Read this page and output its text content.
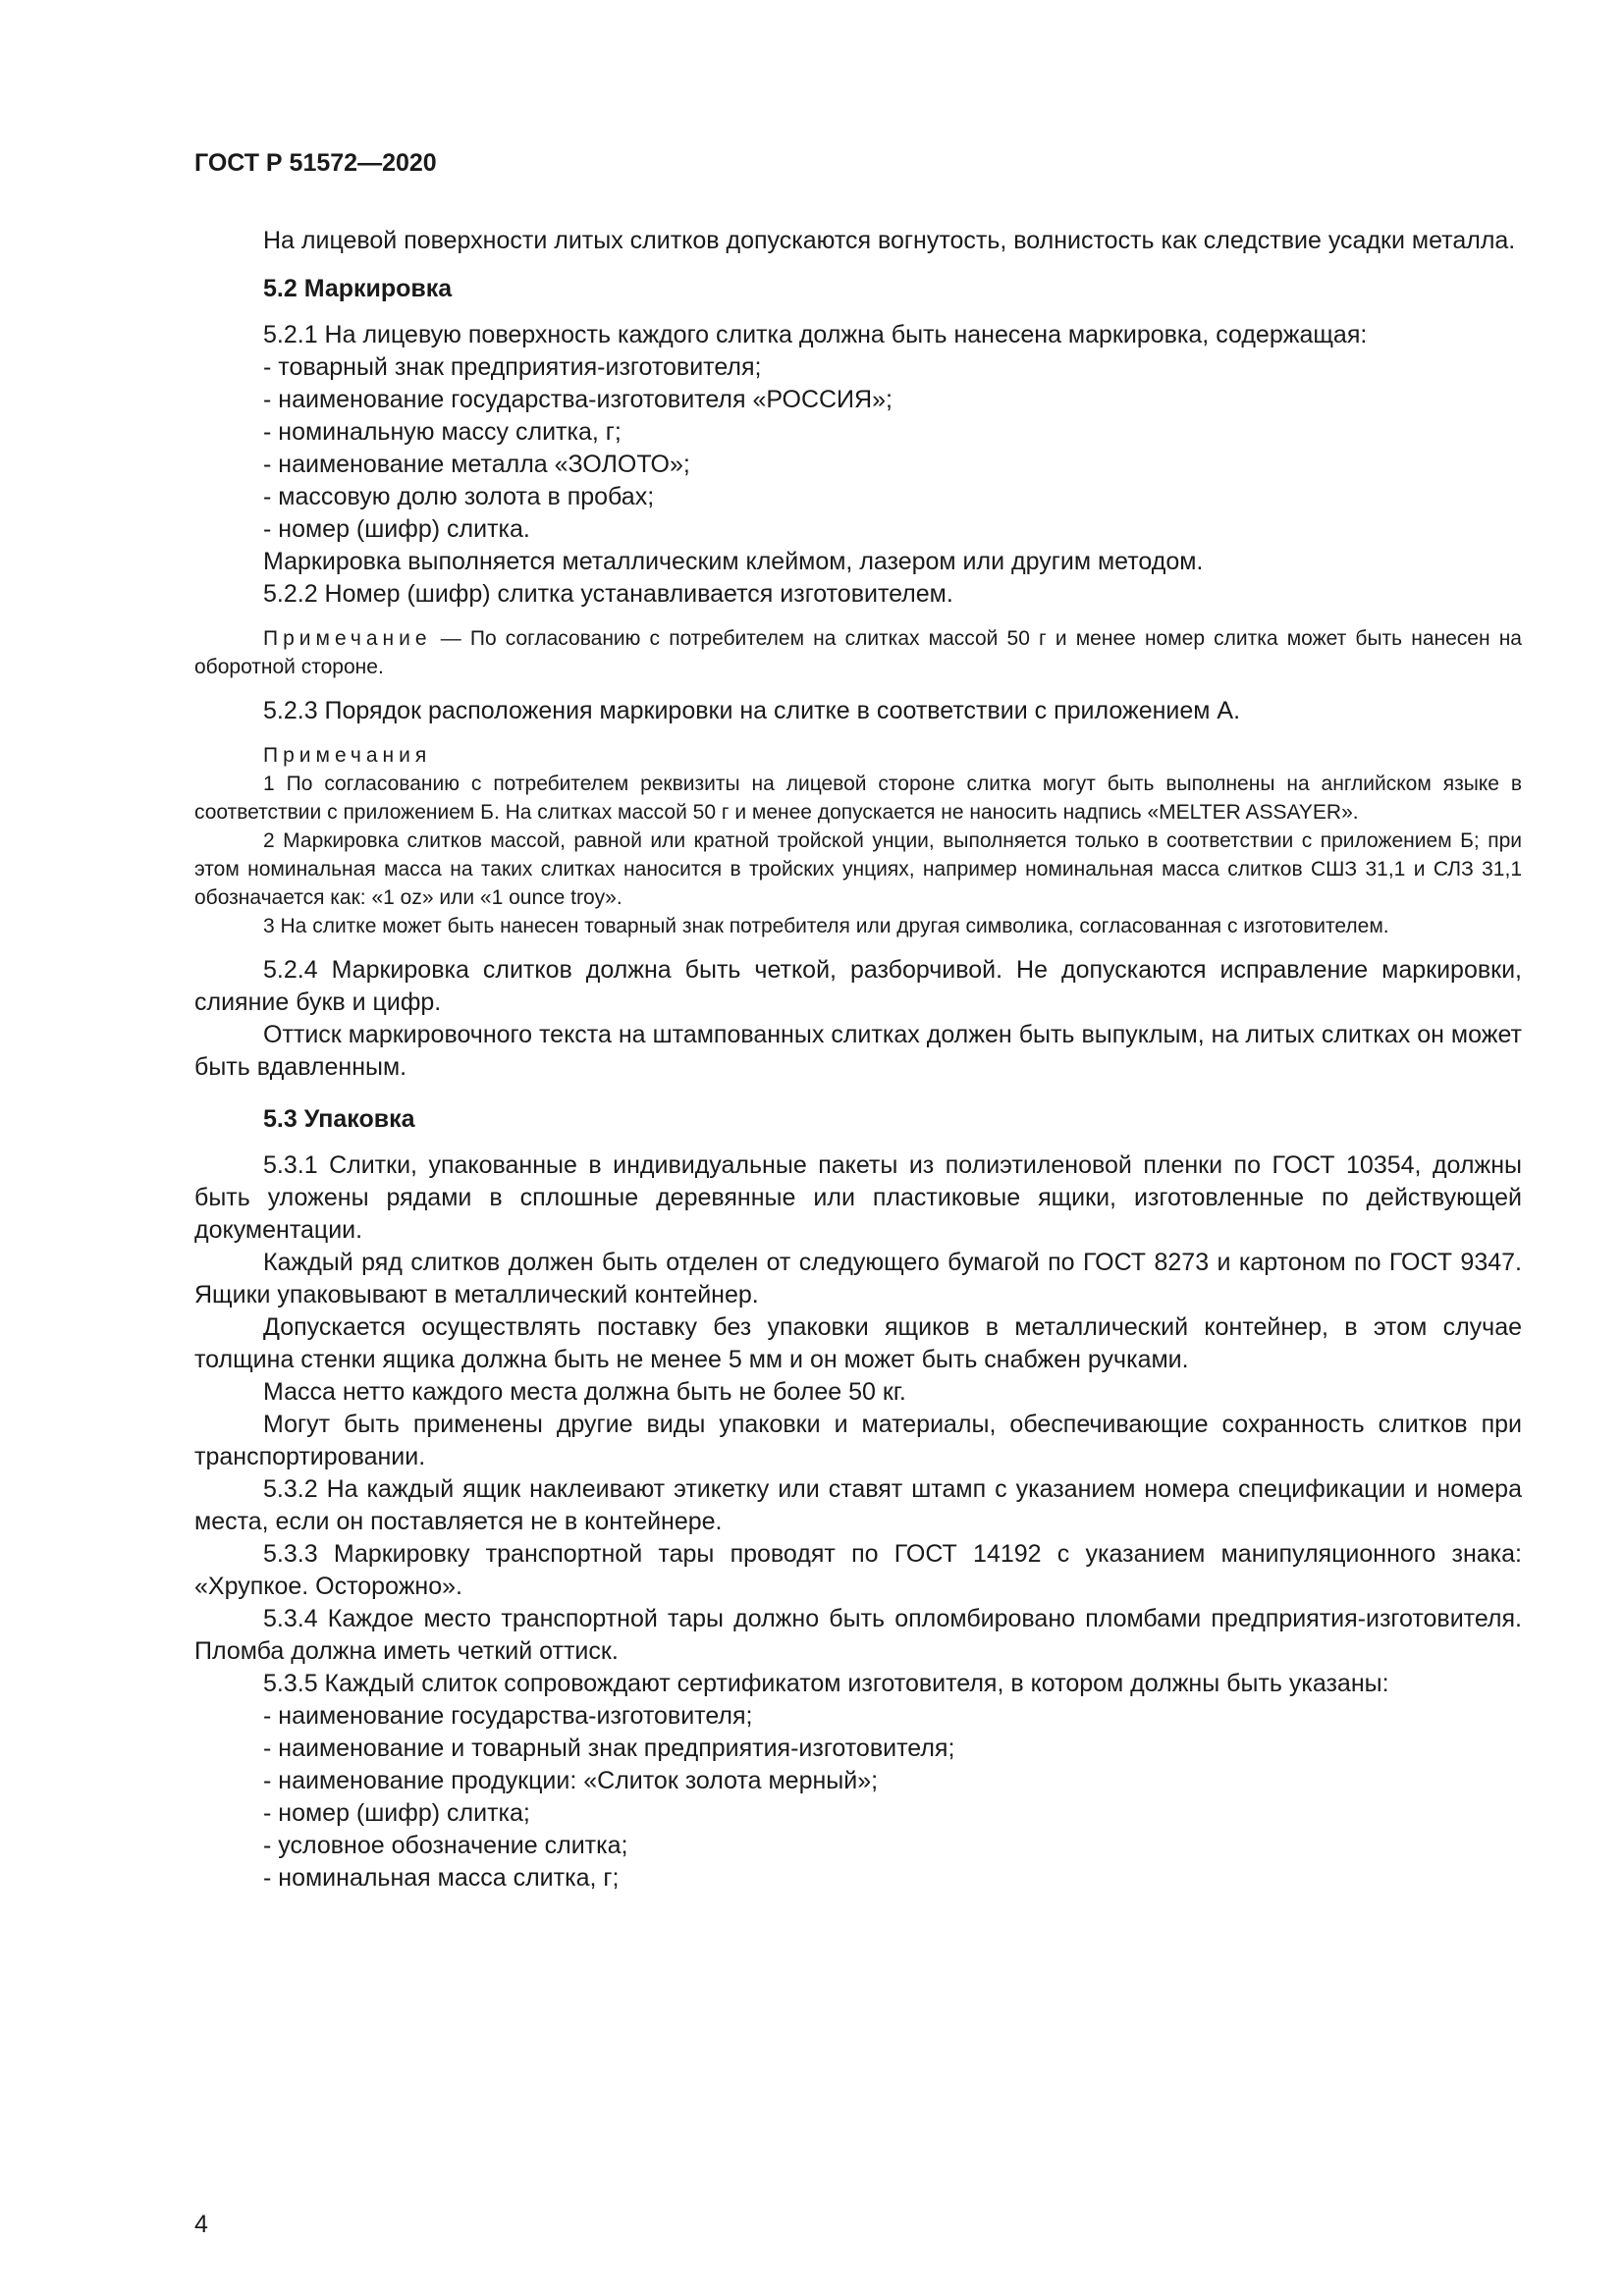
ГОСТ Р 51572—2020

На лицевой поверхности литых слитков допускаются вогнутость, волнистость как следствие усадки металла.

5.2 Маркировка

5.2.1 На лицевую поверхность каждого слитка должна быть нанесена маркировка, содержащая:

- товарный знак предприятия-изготовителя;
- наименование государства-изготовителя «РОССИЯ»;
- номинальную массу слитка, г;
- наименование металла «ЗОЛОТО»;
- массовую долю золота в пробах;
- номер (шифр) слитка.

Маркировка выполняется металлическим клеймом, лазером или другим методом.

5.2.2 Номер (шифр) слитка устанавливается изготовителем.

Примечание — По согласованию с потребителем на слитках массой 50 г и менее номер слитка может быть нанесен на оборотной стороне.

5.2.3 Порядок расположения маркировки на слитке в соответствии с приложением А.

Примечания

1 По согласованию с потребителем реквизиты на лицевой стороне слитка могут быть выполнены на английском языке в соответствии с приложением Б. На слитках массой 50 г и менее допускается не наносить надпись «MELTER ASSAYER».

2 Маркировка слитков массой, равной или кратной тройской унции, выполняется только в соответствии с приложением Б; при этом номинальная масса на таких слитках наносится в тройских унциях, например номинальная масса слитков СШЗ 31,1 и СЛЗ 31,1 обозначается как: «1 oz» или «1 ounce troy».

3 На слитке может быть нанесен товарный знак потребителя или другая символика, согласованная с изготовителем.

5.2.4 Маркировка слитков должна быть четкой, разборчивой. Не допускаются исправление маркировки, слияние букв и цифр.

Оттиск маркировочного текста на штампованных слитках должен быть выпуклым, на литых слитках он может быть вдавленным.

5.3 Упаковка

5.3.1 Слитки, упакованные в индивидуальные пакеты из полиэтиленовой пленки по ГОСТ 10354, должны быть уложены рядами в сплошные деревянные или пластиковые ящики, изготовленные по действующей документации.

Каждый ряд слитков должен быть отделен от следующего бумагой по ГОСТ 8273 и картоном по ГОСТ 9347. Ящики упаковывают в металлический контейнер.

Допускается осуществлять поставку без упаковки ящиков в металлический контейнер, в этом случае толщина стенки ящика должна быть не менее 5 мм и он может быть снабжен ручками.

Масса нетто каждого места должна быть не более 50 кг.

Могут быть применены другие виды упаковки и материалы, обеспечивающие сохранность слитков при транспортировании.

5.3.2 На каждый ящик наклеивают этикетку или ставят штамп с указанием номера спецификации и номера места, если он поставляется не в контейнере.

5.3.3 Маркировку транспортной тары проводят по ГОСТ 14192 с указанием манипуляционного знака: «Хрупкое. Осторожно».

5.3.4 Каждое место транспортной тары должно быть опломбировано пломбами предприятия-изготовителя. Пломба должна иметь четкий оттиск.

5.3.5 Каждый слиток сопровождают сертификатом изготовителя, в котором должны быть указаны:

- наименование государства-изготовителя;
- наименование и товарный знак предприятия-изготовителя;
- наименование продукции: «Слиток золота мерный»;
- номер (шифр) слитка;
- условное обозначение слитка;
- номинальная масса слитка, г;
4
